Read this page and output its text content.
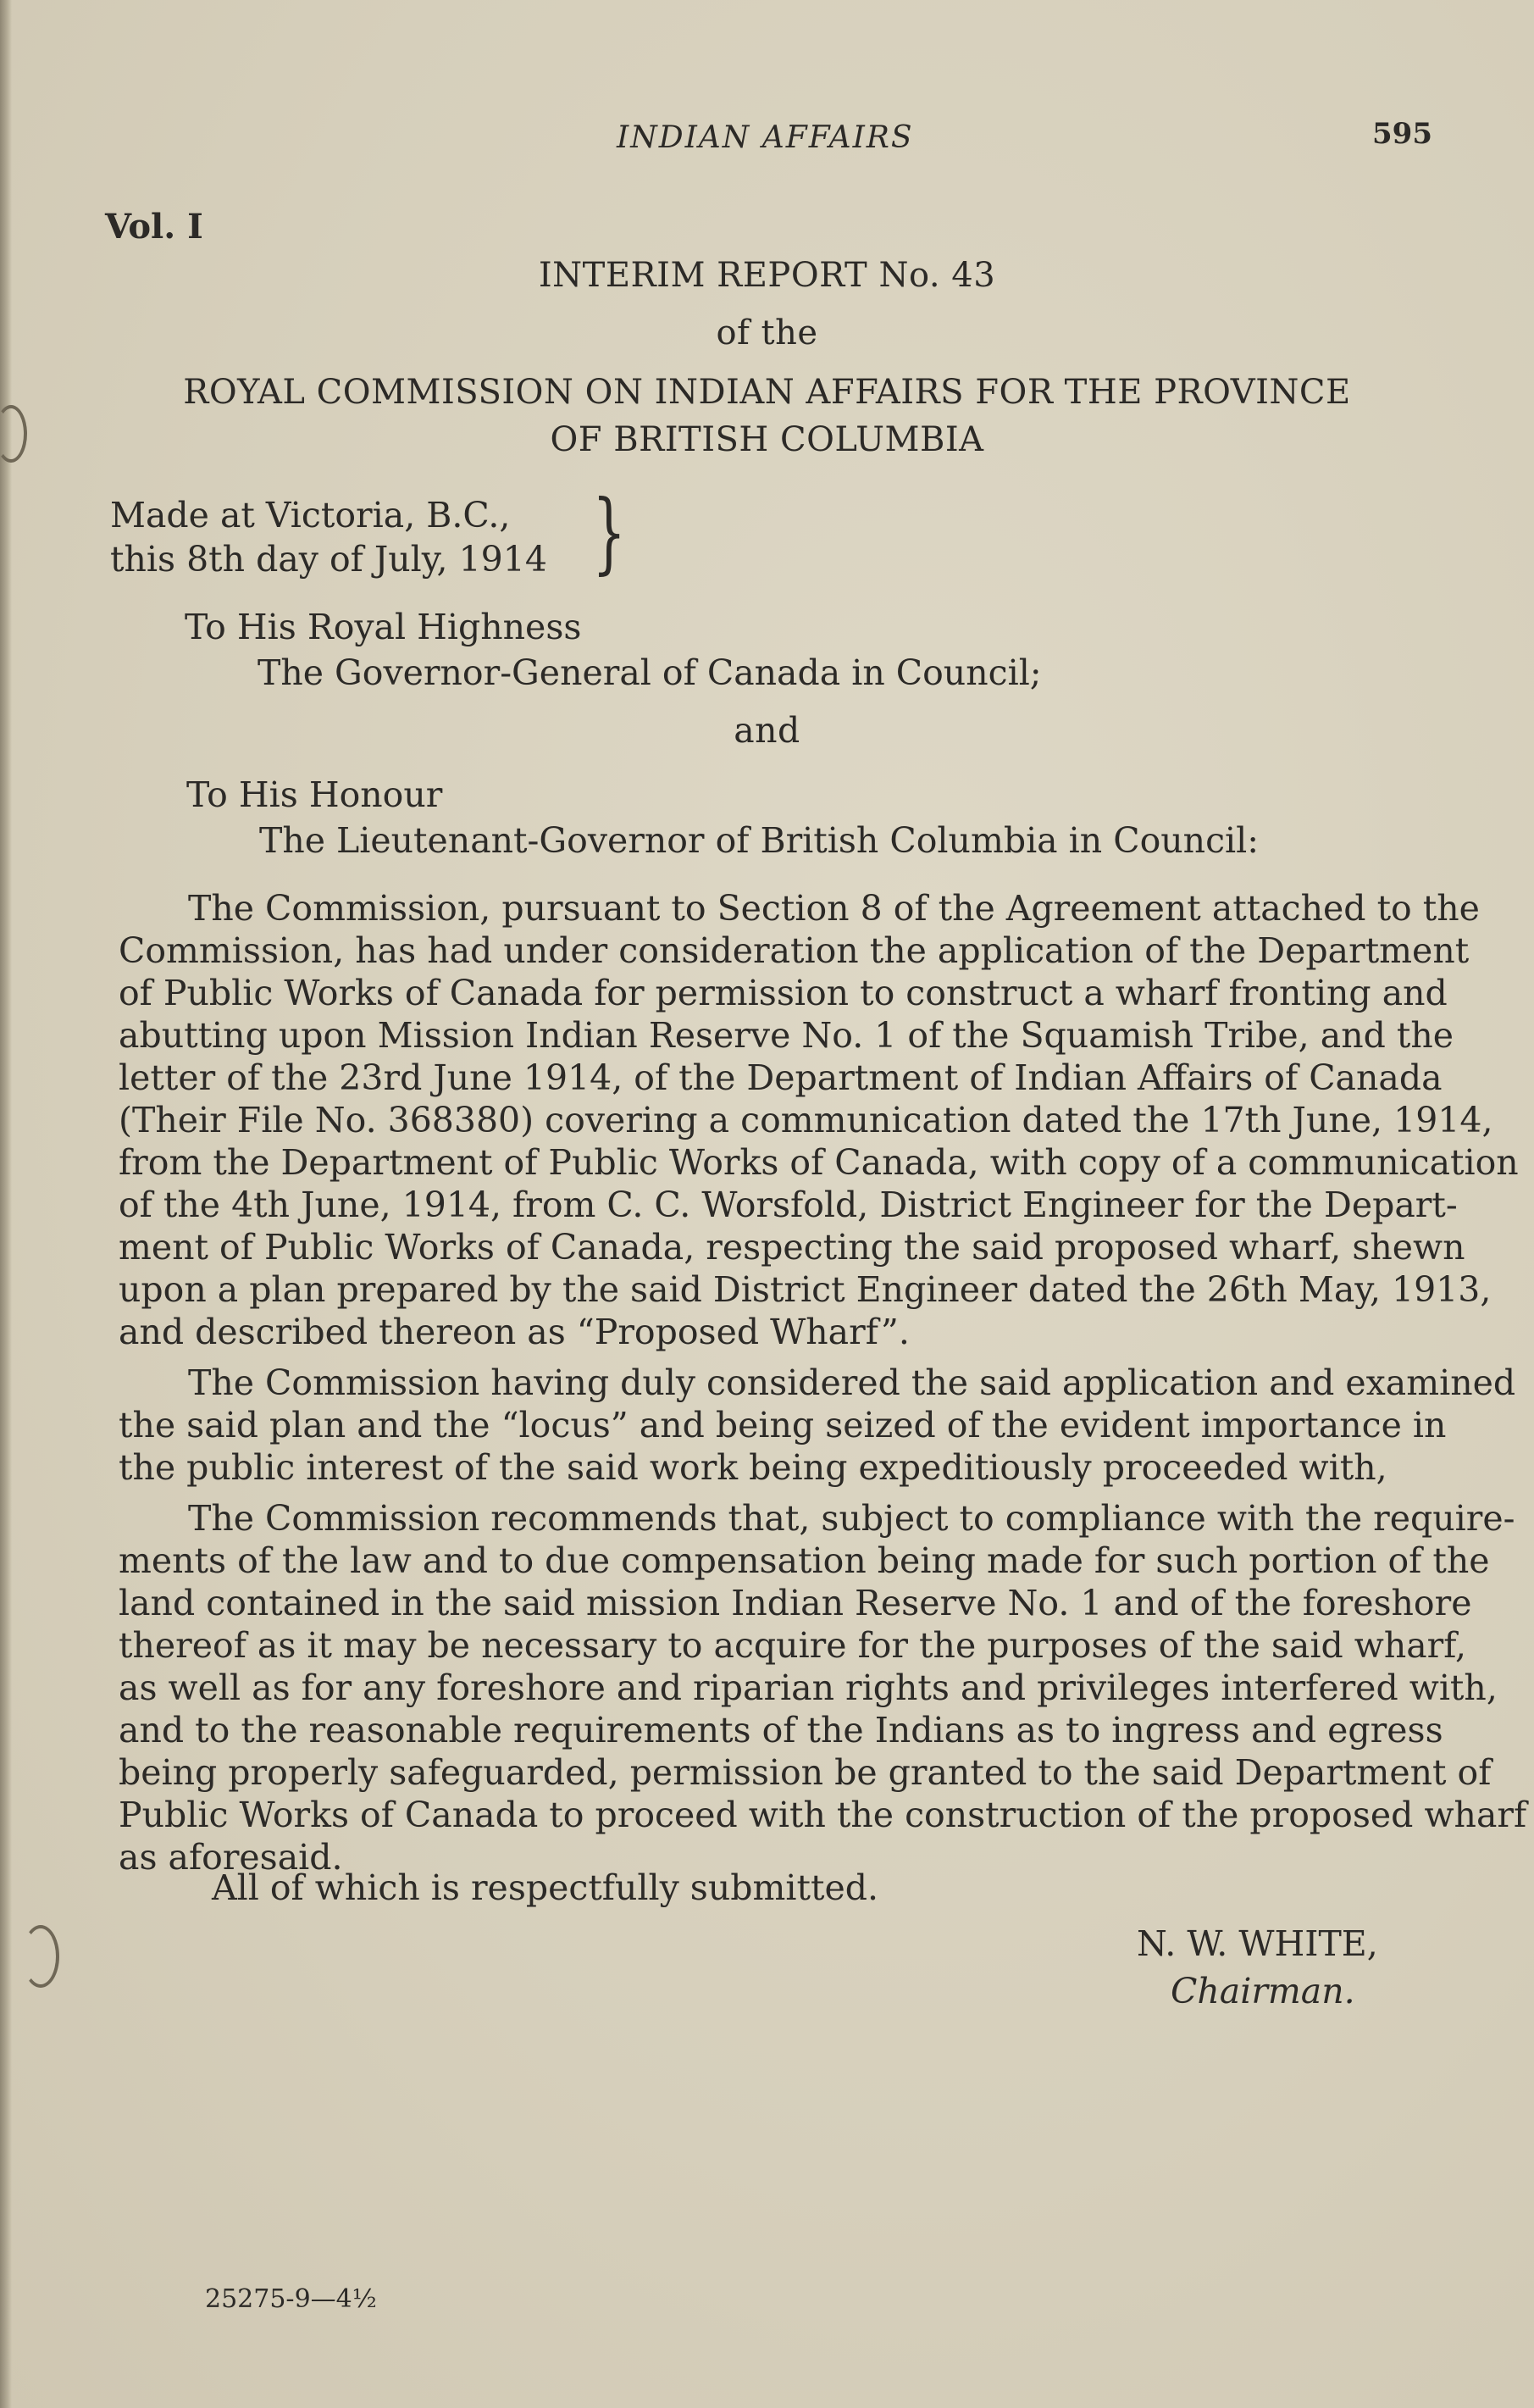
INDIAN AFFAIRS	595
Vol. I
INTERIM REPORT No. 43
of the
ROYAL COMMISSION ON INDIAN AFFAIRS FOR THE PROVINCE
OF BRITISH COLUMBIA
Made at Victoria, B.C.,
this 8th day of July, 1914 }
To His Royal Highness
The Governor-General of Canada in Council;
and
To His Honour
The Lieutenant-Governor of British Columbia in Council:
The Commission, pursuant to Section 8 of the Agreement attached to the
Commission, has had under consideration the application of the Department
of Public Works of Canada for permission to construct a wharf fronting and
abutting upon Mission Indian Reserve No. 1 of the Squamish Tribe, and the
letter of the 23rd June 1914, of the Department of Indian Affairs of Canada
(Their File No. 368380) covering a communication dated the 17th June, 1914,
from the Department of Public Works of Canada, with copy of a communication
of the 4th June, 1914, from C. C. Worsfold, District Engineer for the Depart-
ment of Public Works of Canada, respecting the said proposed wharf, shewn
upon a plan prepared by the said District Engineer dated the 26th May, 1913,
and described thereon as “Proposed Wharf”.
The Commission having duly considered the said application and examined
the said plan and the “locus” and being seized of the evident importance in
the public interest of the said work being expeditiously proceeded with,
The Commission recommends that, subject to compliance with the require-
ments of the law and to due compensation being made for such portion of the
land contained in the said mission Indian Reserve No. 1 and of the foreshore
thereof as it may be necessary to acquire for the purposes of the said wharf,
as well as for any foreshore and riparian rights and privileges interfered with,
and to the reasonable requirements of the Indians as to ingress and egress
being properly safeguarded, permission be granted to the said Department of
Public Works of Canada to proceed with the construction of the proposed wharf
as aforesaid.
All of which is respectfully submitted.
N. W. WHITE,
Chairman.
25275-9—4½
